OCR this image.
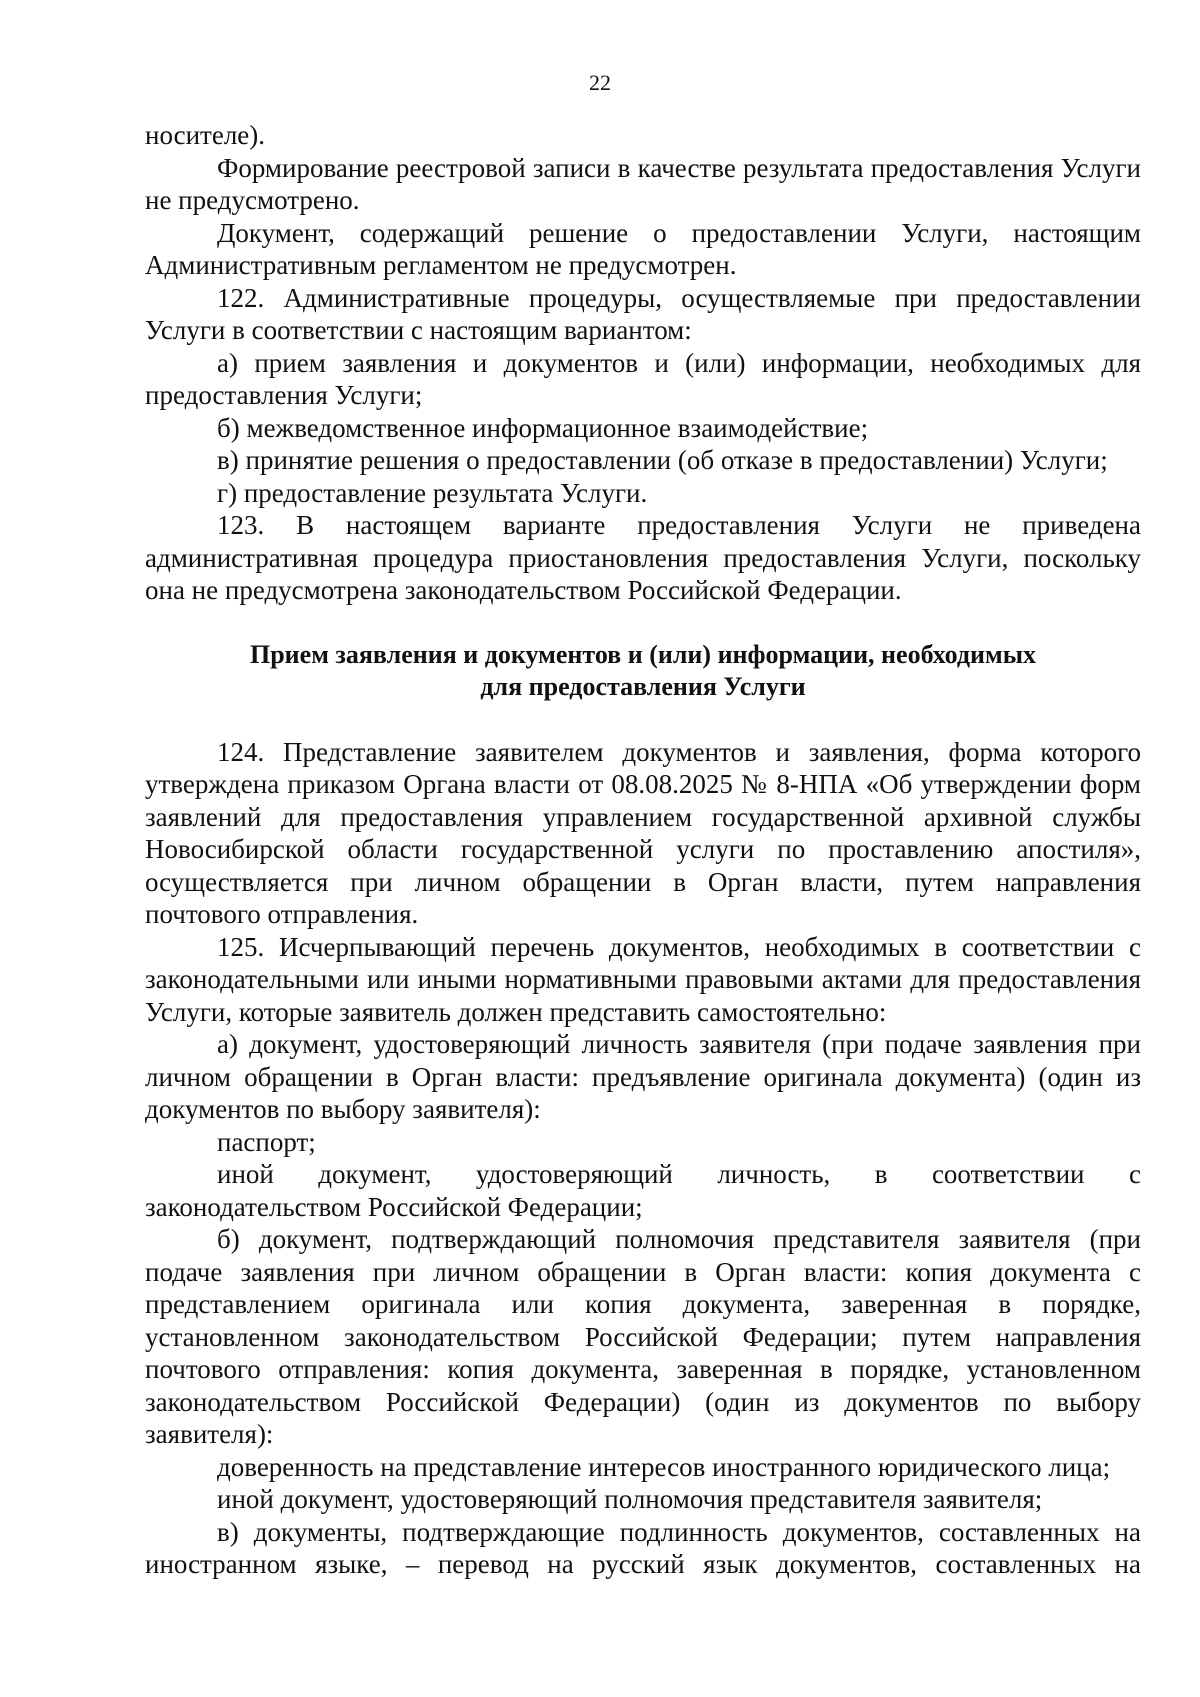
22

носителе).

Формирование реестровой записи в качестве результата предоставления Услуги не предусмотрено.

Документ, содержащий решение о предоставлении Услуги, настоящим Административным регламентом не предусмотрен.

122. Административные процедуры, осуществляемые при предоставлении Услуги в соответствии с настоящим вариантом:

а) прием заявления и документов и (или) информации, необходимых для предоставления Услуги;

б) межведомственное информационное взаимодействие;

в) принятие решения о предоставлении (об отказе в предоставлении) Услуги;

г) предоставление результата Услуги.

123. В настоящем варианте предоставления Услуги не приведена административная процедура приостановления предоставления Услуги, поскольку она не предусмотрена законодательством Российской Федерации.

Прием заявления и документов и (или) информации, необходимых
для предоставления Услуги

124. Представление заявителем документов и заявления, форма которого утверждена приказом Органа власти от 08.08.2025 № 8-НПА «Об утверждении форм заявлений для предоставления управлением государственной архивной службы Новосибирской области государственной услуги по проставлению апостиля», осуществляется при личном обращении в Орган власти, путем направления почтового отправления.

125. Исчерпывающий перечень документов, необходимых в соответствии с законодательными или иными нормативными правовыми актами для предоставления Услуги, которые заявитель должен представить самостоятельно:

а) документ, удостоверяющий личность заявителя (при подаче заявления при личном обращении в Орган власти: предъявление оригинала документа) (один из документов по выбору заявителя):

паспорт;

иной документ, удостоверяющий личность, в соответствии с

законодательством Российской Федерации;

б) документ, подтверждающий полномочия представителя заявителя (при подаче заявления при личном обращении в Орган власти: копия документа с представлением оригинала или копия документа, заверенная в порядке, установленном законодательством Российской Федерации; путем направления почтового отправления: копия документа, заверенная в порядке, установленном законодательством Российской Федерации) (один из документов по выбору заявителя):

доверенность на представление интересов иностранного юридического лица;

иной документ, удостоверяющий полномочия представителя заявителя;

в) документы, подтверждающие подлинность документов, составленных на иностранном языке, – перевод на русский язык документов, составленных на
